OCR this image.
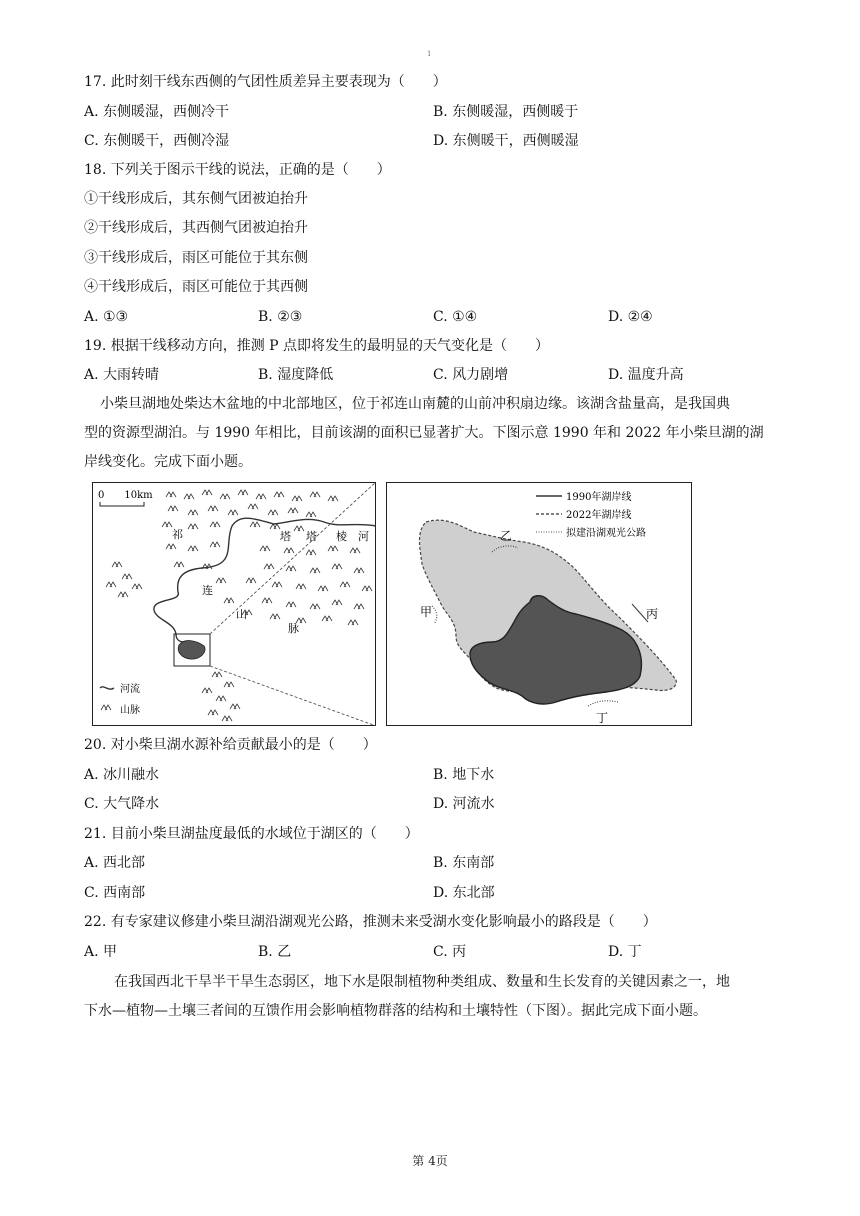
1
17. 此时刻干线东西侧的气团性质差异主要表现为（　　）
A. 东侧暖湿，西侧冷干	B. 东侧暖湿，西侧暖于
C. 东侧暖干，西侧冷湿	D. 东侧暖干，西侧暖湿
18. 下列关于图示干线的说法，正确的是（　　）
①干线形成后，其东侧气团被迫抬升
②干线形成后，其西侧气团被迫抬升
③干线形成后，雨区可能位于其东侧
④干线形成后，雨区可能位于其西侧
A. ①③	B. ②③	C. ①④	D. ②④
19. 根据干线移动方向，推测 P 点即将发生的最明显的天气变化是（　　）
A. 大雨转晴	B. 湿度降低	C. 风力剧增	D. 温度升高
小柴旦湖地处柴达木盆地的中北部地区，位于祁连山南麓的山前冲积扇边缘。该湖含盐量高，是我国典
型的资源型湖泊。与 1990 年相比，目前该湖的面积已显著扩大。下图示意 1990 年和 2022 年小柴旦湖的湖
岸线变化。完成下面小题。
0　　10km
祁
连
山
脉
塔 塔 棱 河
河流
山脉
1990年湖岸线
2022年湖岸线
拟建沿湖观光公路
甲
乙
丙
丁
20. 对小柴旦湖水源补给贡献最小的是（　　）
A. 冰川融水	B. 地下水
C. 大气降水	D. 河流水
21. 目前小柴旦湖盐度最低的水域位于湖区的（　　）
A. 西北部	B. 东南部
C. 西南部	D. 东北部
22. 有专家建议修建小柴旦湖沿湖观光公路，推测未来受湖水变化影响最小的路段是（　　）
A. 甲	B. 乙	C. 丙	D. 丁
在我国西北干旱半干旱生态弱区，地下水是限制植物种类组成、数量和生长发育的关键因素之一，地
下水—植物—土壤三者间的互馈作用会影响植物群落的结构和土壤特性（下图）。据此完成下面小题。
第 4页
